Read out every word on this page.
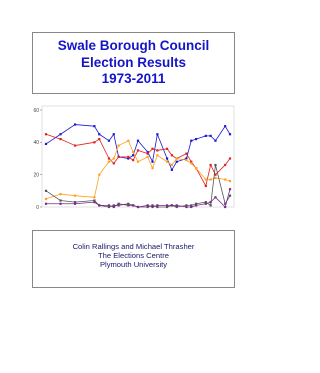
Swale Borough Council
Election Results
1973-2011
0
20
40
60
Colin Rallings and Michael Thrasher
The Elections Centre
Plymouth University
